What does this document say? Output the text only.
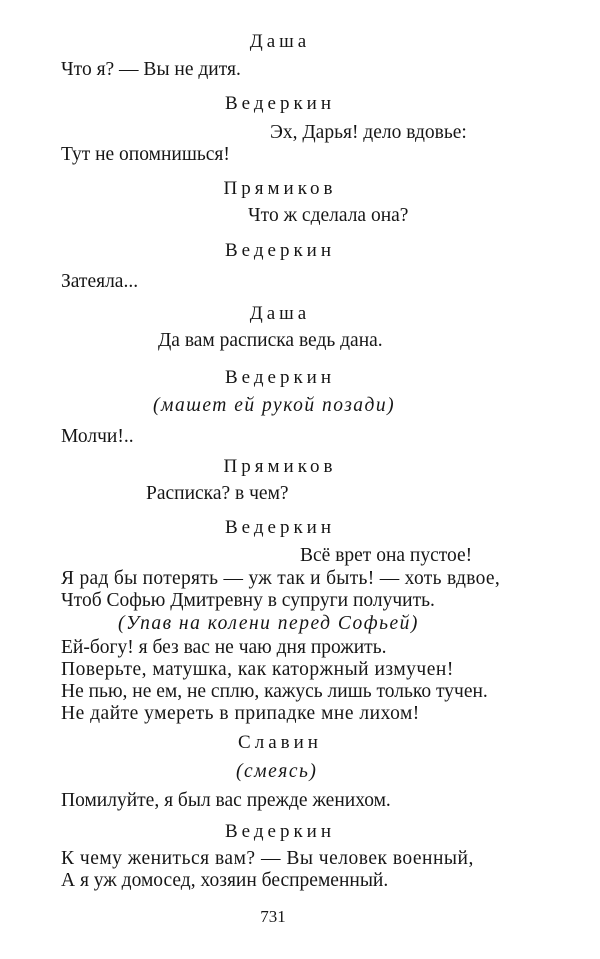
Даша
Что я? — Вы не дитя.
Ведеркин
Эх, Дарья! дело вдовье:
Тут не опомнишься!
Прямиков
Что ж сделала она?
Ведеркин
Затеяла...
Даша
Да вам расписка ведь дана.
Ведеркин
(машет ей рукой позади)
Молчи!..
Прямиков
Расписка? в чем?
Ведеркин
Всё врет она пустое!
Я рад бы потерять — уж так и быть! — хоть вдвое,
Чтоб Софью Дмитревну в супруги получить.
(Упав на колени перед Софьей)
Ей-богу! я без вас не чаю дня прожить.
Поверьте, матушка, как каторжный измучен!
Не пью, не ем, не сплю, кажусь лишь только тучен.
Не дайте умереть в припадке мне лихом!
Славин
(смеясь)
Помилуйте, я был вас прежде женихом.
Ведеркин
К чему жениться вам? — Вы человек военный,
А я уж домосед, хозяин беспременный.
731
